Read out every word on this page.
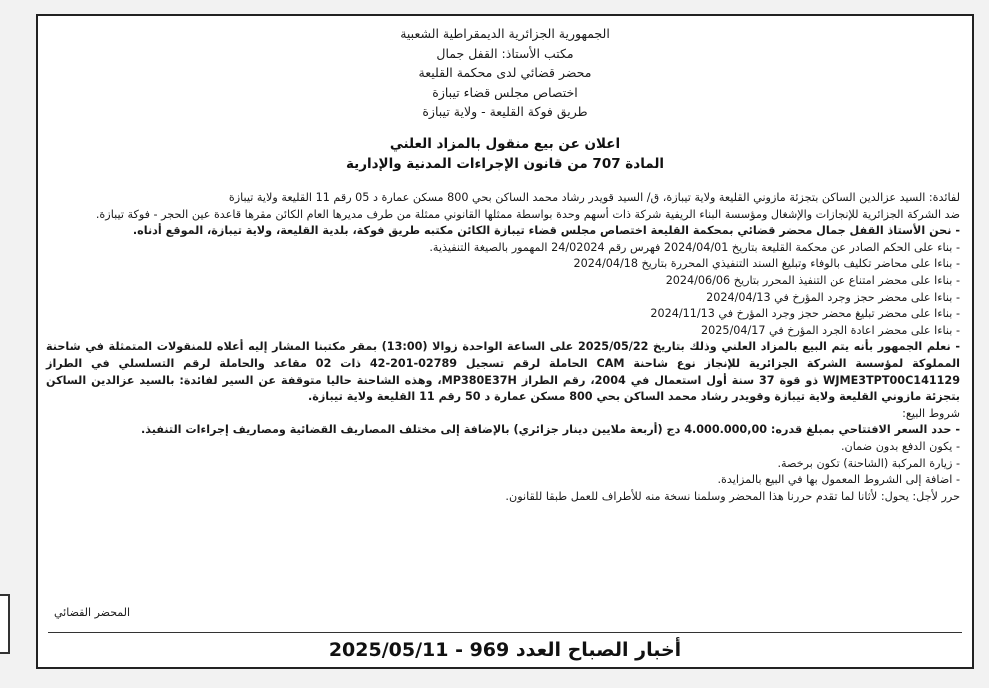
الجمهورية الجزائرية الديمقراطية الشعبية
مكتب الأستاذ: القفل جمال
محضر قضائي لدى محكمة القليعة
اختصاص مجلس قضاء تيبازة
طريق فوكة القليعة - ولاية تيبازة
اعلان عن بيع منقول بالمزاد العلني
المادة 707 من قانون الإجراءات المدنية والإدارية

لفائدة: السيد عزالدين الساكن بتجزئة مازوني القليعة ولاية تيبازة، ق/ السيد قويدر رشاد محمد الساكن بحي 800 مسكن عمارة د 05 رقم 11 القليعة ولاية تيبازة

ضد الشركة الجزائرية للإنجازات والإشغال ومؤسسة البناء الريفية شركة ذات أسهم وحدة بواسطة ممثلها القانوني ممثلة من طرف مديرها العام الكائن مقرها قاعدة عين الحجر - فوكة تيبازة.

- نحن الأستاذ القفل جمال محضر قضائي بمحكمة القليعة اختصاص مجلس قضاء تيبازة الكائن مكتبه طريق فوكة، بلدية القليعة، ولاية تيبازة، الموقع أدناه.

- بناء على الحكم الصادر عن محكمة القليعة بتاريخ 2024/04/01 فهرس رقم 24/02024 المهمور بالصيغة التنفيذية.

- بناءا على محاضر تكليف بالوفاء وتبليغ السند التنفيذي المحررة بتاريخ 2024/04/18

- بناءا على محضر امتناع عن التنفيذ المحرر بتاريخ 2024/06/06

- بناءا على محضر حجز وجرد المؤرخ في 2024/04/13

- بناءا على محضر تبليغ محضر حجز وجرد المؤرخ في 2024/11/13

- بناءا على محضر اعادة الجرد المؤرخ في 2025/04/17

- نعلم الجمهور بأنه يتم البيع بالمزاد العلني وذلك بتاريخ 2025/05/22 على الساعة الواحدة زوالا (13:00) بمقر مكتبنا المشار إليه أعلاه للمنقولات المتمثلة في شاحنة المملوكة لمؤسسة الشركة الجزائرية للإنجاز نوع شاحنة CAM الحاملة لرقم تسجيل 02789-201-42 ذات 02 مقاعد والحاملة لرقم التسلسلي في الطراز WJME3TPT00C141129 ذو قوة 37 سنة أول استعمال في 2004، رقم الطراز MP380E37H، وهذه الشاحنة حاليا متوقفة عن السير لفائدة: بالسيد عزالدين الساكن بتجزئة مازوني القليعة ولاية تيبازة وقويدر رشاد محمد الساكن بحي 800 مسكن عمارة د 50 رقم 11 القليعة ولاية تيبازة.

شروط البيع:

- حدد السعر الافتتاحي بمبلغ قدره: 4.000.000,00 دج (أربعة ملايين دينار جزائري) بالإضافة إلى مختلف المصاريف القضائية ومصاريف إجراءات التنفيذ.

- يكون الدفع بدون ضمان.

- زيارة المركبة (الشاحنة) تكون برخصة.

- اضافة إلى الشروط المعمول بها في البيع بالمزايدة.

حرر لأجل: يحول: لأثانا لما تقدم حررنا هذا المحضر وسلمنا نسخة منه للأطراف للعمل طبقا للقانون.

المحضر القضائي
أخبار الصباح العدد 969 - 2025/05/11
